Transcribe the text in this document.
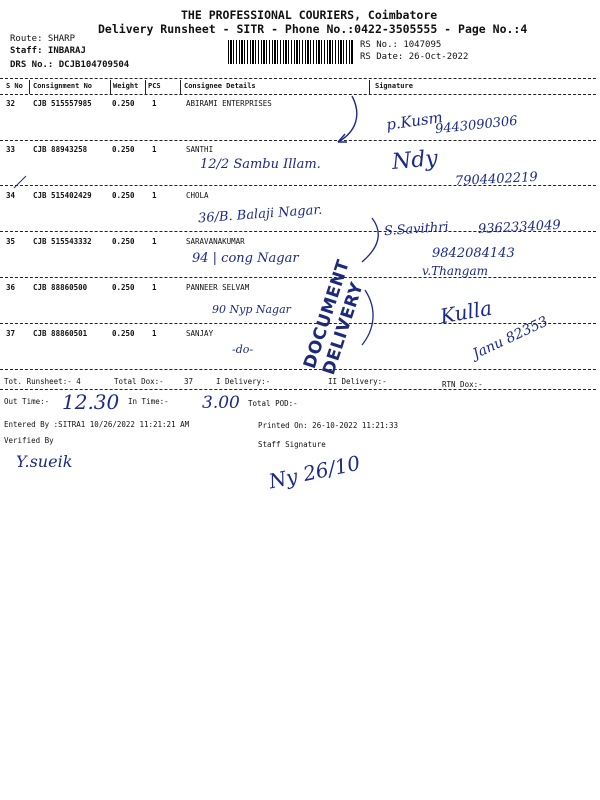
THE PROFESSIONAL COURIERS, Coimbatore
Delivery Runsheet - SITR - Phone No.:0422-3505555 - Page No.:4
Route: SHARP
Staff: INBARAJ
DRS No.: DCJB104709504
RS No.: 1047095
RS Date: 26-Oct-2022
S No Consignment No	Weight PCS	Consignee Details	Signature
32 CJB 515557985	0.250 1	ABIRAMI ENTERPRISES
p.Kusm
9443090306
33 CJB 88943258	0.250 1	SANTHI
12/2 Sambu Illam.	Ndy
7904402219
34 CJB 515402429	0.250 1	CHOLA
36/B. Balaji Nagar.
S.Savithri 9362334049
35 CJB 515543332	0.250 1	SARAVANAKUMAR
94 | cong Nagar	9842084143
v.Thangam
36 CJB 88860500	0.250 1	PANNEER SELVAM
90 Nyp Nagar	Kulla
37 CJB 88860501	0.250 1	SANJAY
-do-	Janu 82353
DOCUMENT DELIVERY
Tot. Runsheet:- 4	Total Dox:-	37	I Delivery:-	II Delivery:-	RTN Dox:-
Out Time:- 12.30 In Time:- 3.00 Total POD:-
Entered By :SITRA1 10/26/2022 11:21:21 AM	Printed On: 26-10-2022 11:21:33
Verified By
Y.sueik
Staff Signature
Ny 26/10
